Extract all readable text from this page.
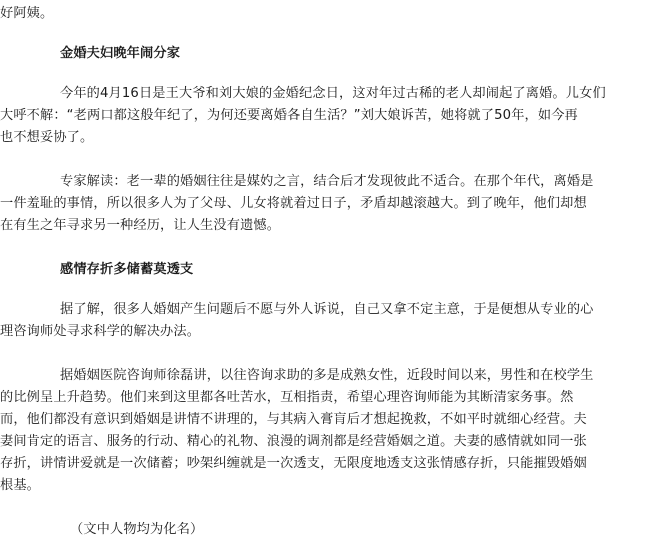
好阿姨。
金婚夫妇晚年闹分家
今年的4月16日是王大爷和刘大娘的金婚纪念日，这对年过古稀的老人却闹起了离婚。儿女们
大呼不解：“老两口都这般年纪了，为何还要离婚各自生活？”刘大娘诉苦，她将就了50年，如今再
也不想妥协了。
专家解读：老一辈的婚姻往往是媒妁之言，结合后才发现彼此不适合。在那个年代，离婚是
一件羞耻的事情，所以很多人为了父母、儿女将就着过日子，矛盾却越滚越大。到了晚年，他们却想
在有生之年寻求另一种经历，让人生没有遗憾。
感情存折多储蓄莫透支
据了解，很多人婚姻产生问题后不愿与外人诉说，自己又拿不定主意，于是便想从专业的心
理咨询师处寻求科学的解决办法。
据婚姻医院咨询师徐磊讲，以往咨询求助的多是成熟女性，近段时间以来，男性和在校学生
的比例呈上升趋势。他们来到这里都各吐苦水，互相指责，希望心理咨询师能为其断清家务事。然
而，他们都没有意识到婚姻是讲情不讲理的，与其病入膏肓后才想起挽救，不如平时就细心经营。夫
妻间肯定的语言、服务的行动、精心的礼物、浪漫的调剂都是经营婚姻之道。夫妻的感情就如同一张
存折，讲情讲爱就是一次储蓄；吵架纠缠就是一次透支，无限度地透支这张情感存折，只能摧毁婚姻
根基。
（文中人物均为化名）
